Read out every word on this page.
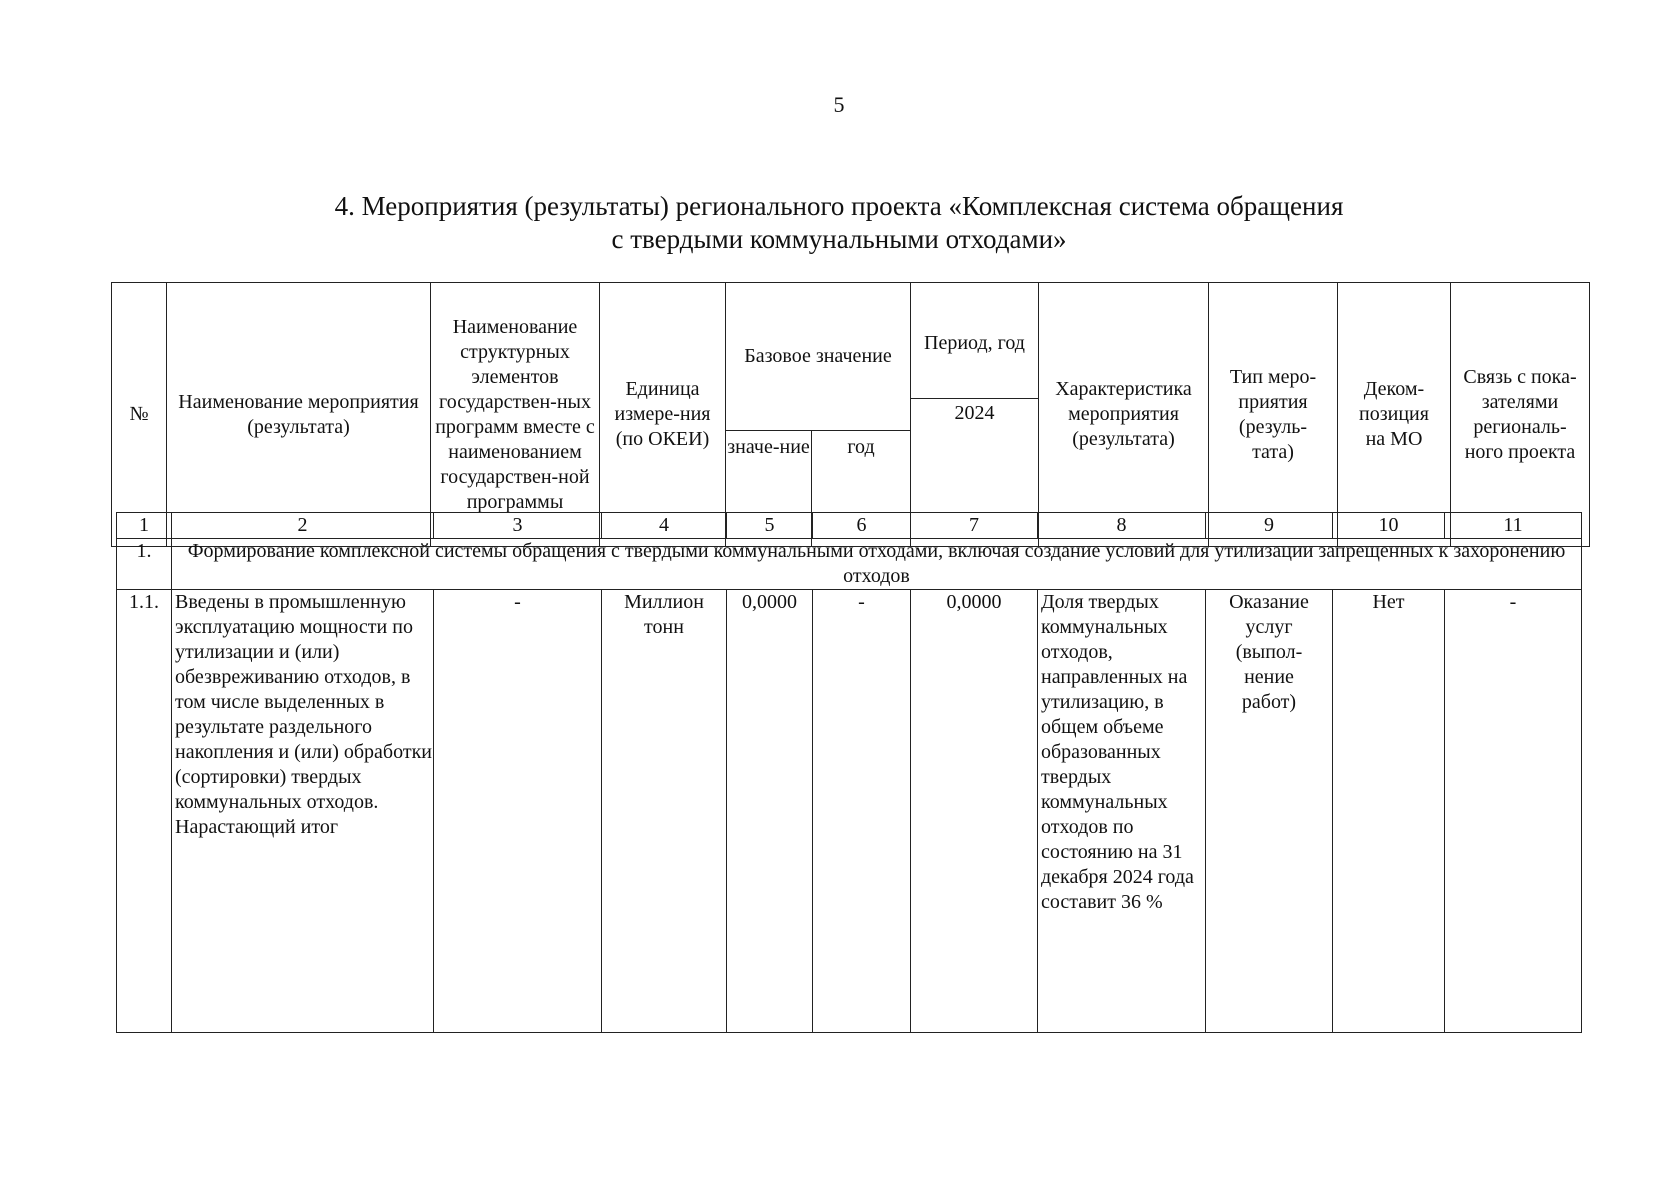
5
4. Мероприятия (результаты) регионального проекта «Комплексная система обращения
с твердыми коммунальными отходами»
№	Наименование мероприятия (результата)	Наименование структурных элементов государствен-ных программ вместе с наименованием государствен-ной программы	Единица измере-ния (по ОКЕИ)	Базовое значение		Период, год	Характеристика мероприятия (результата)	Тип меро-приятия (резуль-тата)	Деком-позиция на МО	Связь с пока-зателями региональ-ного проекта
						2024				
				значе-ние	год					
1	2	3	4	5	6	7	8	9	10	11
1.	Формирование комплексной системы обращения с твердыми коммунальными отходами, включая создание условий для утилизации запрещенных к захоронению отходов									
1.1.	Введены в промышленную эксплуатацию мощности по утилизации и (или) обезвреживанию отходов, в том числе выделенных в результате раздельного накопления и (или) обработки (сортировки) твердых коммунальных отходов. Нарастающий итог	-	Миллион тонн	0,0000	-	0,0000	Доля твердых коммунальных отходов, направленных на утилизацию, в общем объеме образованных твердых коммунальных отходов по состоянию на 31 декабря 2024 года составит 36 %	Оказание услуг (выпол-нение работ)	Нет	-
